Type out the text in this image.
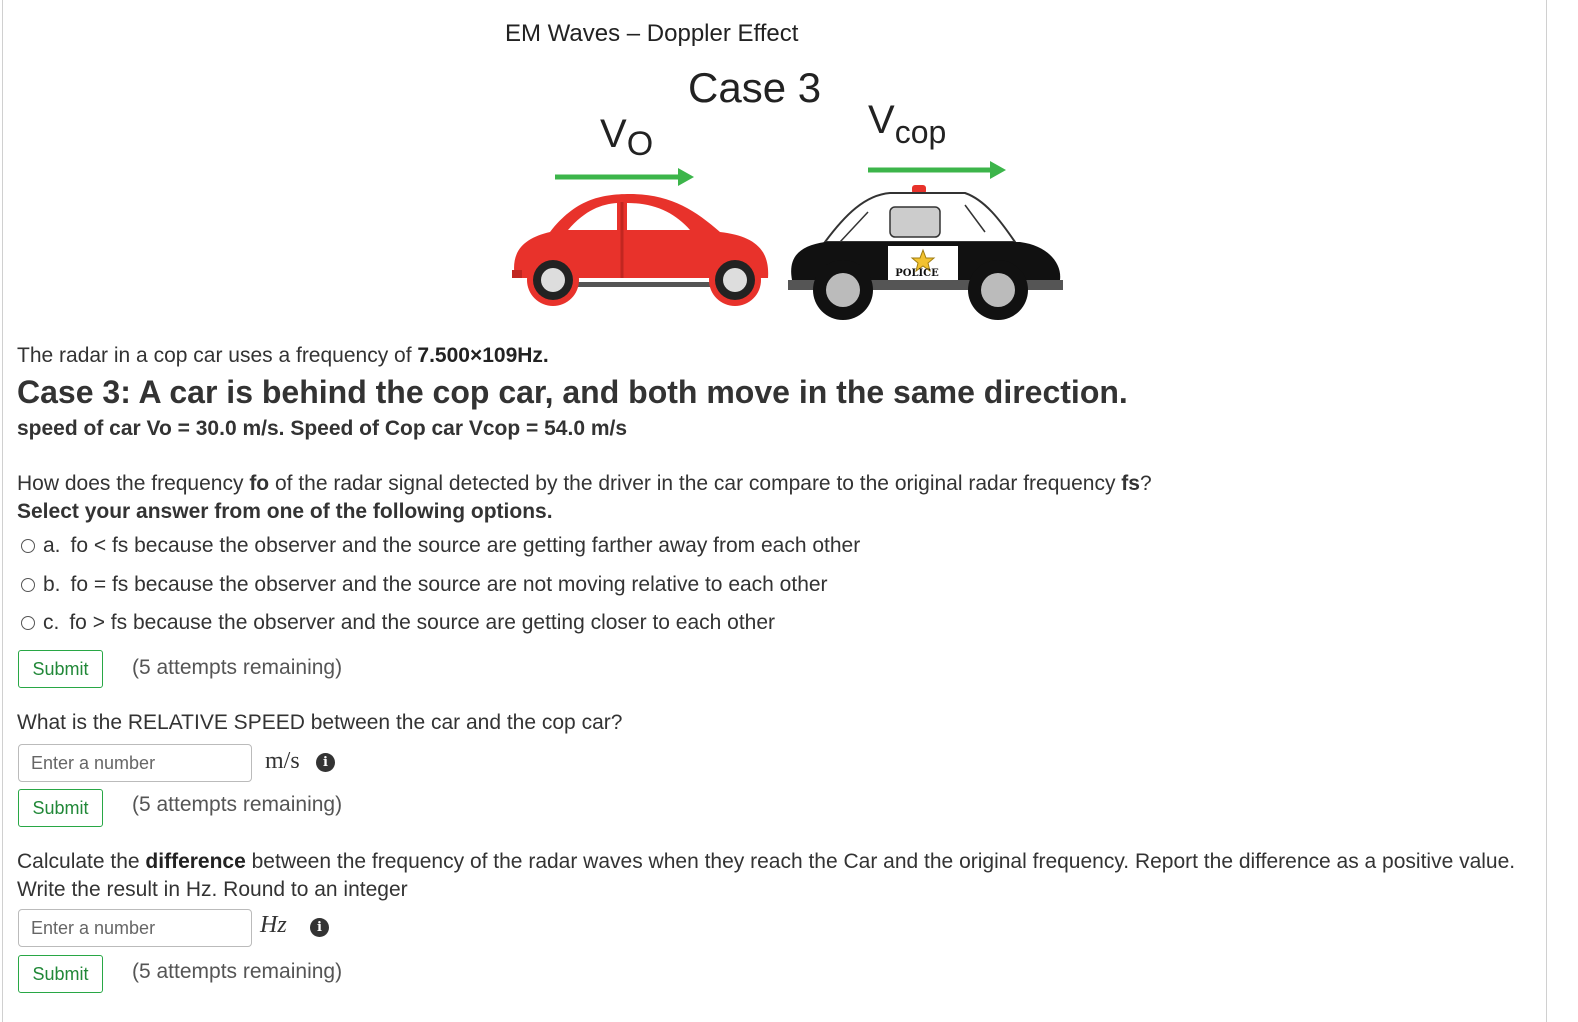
POLICE
EM Waves – Doppler Effect
Case 3
$V_O$
$V_{cop}$
The radar in a cop car uses a frequency of 7.500×109Hz.
Case 3: A car is behind the cop car, and both move in the same direction.
speed of car Vo = 30.0 m/s. Speed of Cop car Vcop = 54.0 m/s
How does the frequency fo of the radar signal detected by the driver in the car compare to the original radar frequency fs?
Select your answer from one of the following options.
a. fo < fs because the observer and the source are getting farther away from each other
b. fo = fs because the observer and the source are not moving relative to each other
c. fo > fs because the observer and the source are getting closer to each other
Submit	(5 attempts remaining)
What is the RELATIVE SPEED between the car and the cop car?
Enter a number
m/s	i
Submit	(5 attempts remaining)
Calculate the difference between the frequency of the radar waves when they reach the Car and the original frequency. Report the difference as a positive value. Write the result in Hz. Round to an integer
Enter a number
Hz	i
Submit	(5 attempts remaining)
